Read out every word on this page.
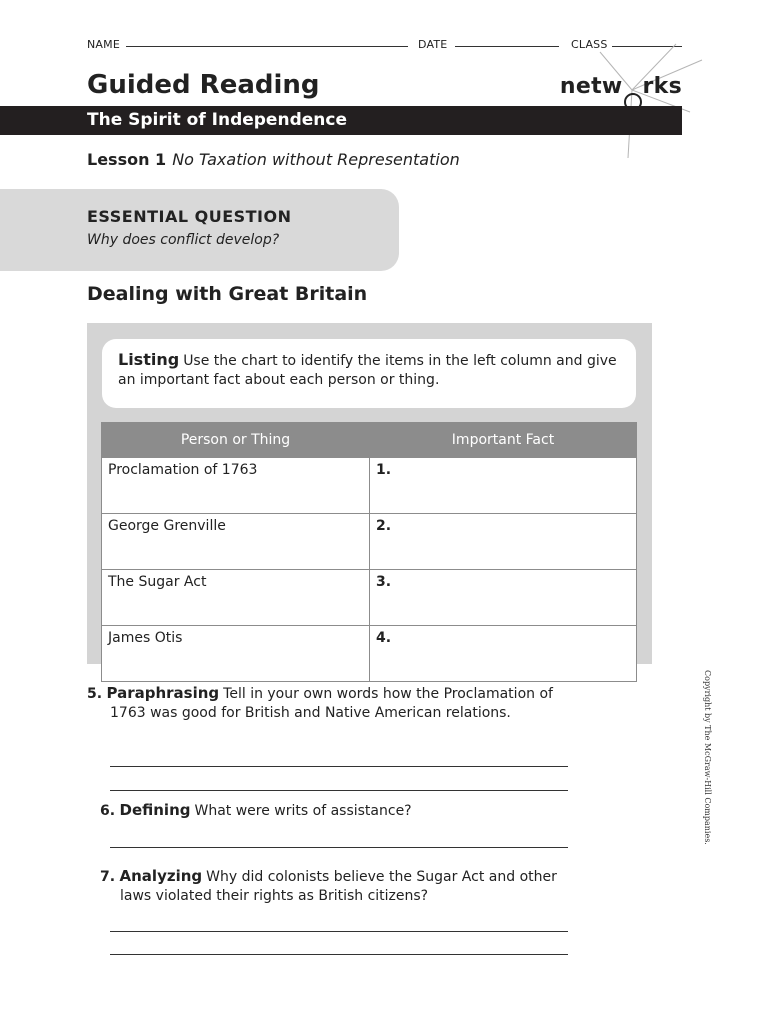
NAME	DATE	CLASS
Guided Reading	netw rks
The Spirit of Independence
Lesson 1 No Taxation without Representation
ESSENTIAL QUESTION
Why does conflict develop?
Dealing with Great Britain
Listing Use the chart to identify the items in the left column and give an important fact about each person or thing.
Person or Thing	Important Fact
Proclamation of 1763	1.
George Grenville	2.
The Sugar Act	3.
James Otis	4.
5. Paraphrasing Tell in your own words how the Proclamation of 1763 was good for British and Native American relations.
6. Defining What were writs of assistance?
7. Analyzing Why did colonists believe the Sugar Act and other laws violated their rights as British citizens?
Copyright by The McGraw-Hill Companies.
